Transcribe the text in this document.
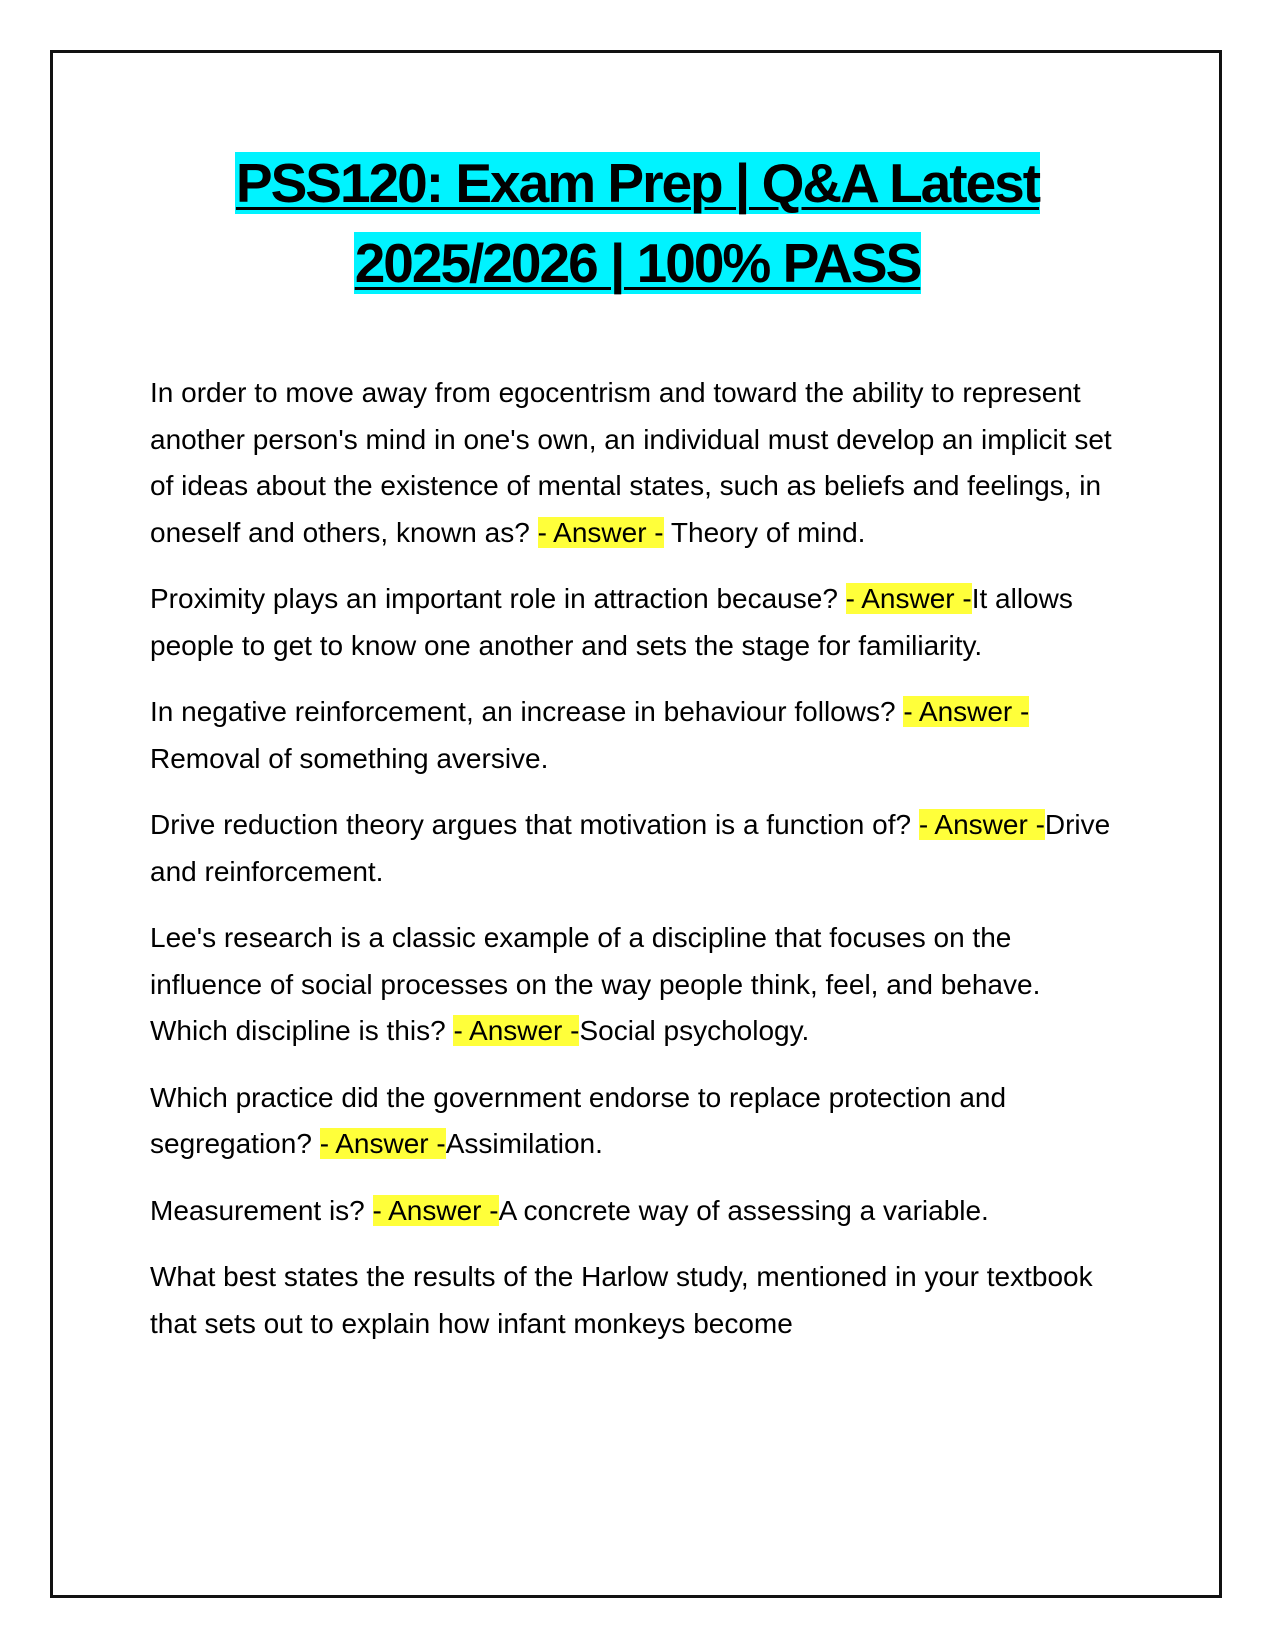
PSS120: Exam Prep | Q&A Latest
2025/2026 | 100% PASS

In order to move away from egocentrism and toward the ability to represent another person's mind in one's own, an individual must develop an implicit set of ideas about the existence of mental states, such as beliefs and feelings, in oneself and others, known as? - Answer - Theory of mind.

Proximity plays an important role in attraction because? - Answer -It allows people to get to know one another and sets the stage for familiarity.

In negative reinforcement, an increase in behaviour follows? - Answer - Removal of something aversive.

Drive reduction theory argues that motivation is a function of? - Answer -Drive and reinforcement.

Lee's research is a classic example of a discipline that focuses on the influence of social processes on the way people think, feel, and behave. Which discipline is this? - Answer -Social psychology.

Which practice did the government endorse to replace protection and segregation? - Answer -Assimilation.

Measurement is? - Answer -A concrete way of assessing a variable.

What best states the results of the Harlow study, mentioned in your textbook that sets out to explain how infant monkeys become
